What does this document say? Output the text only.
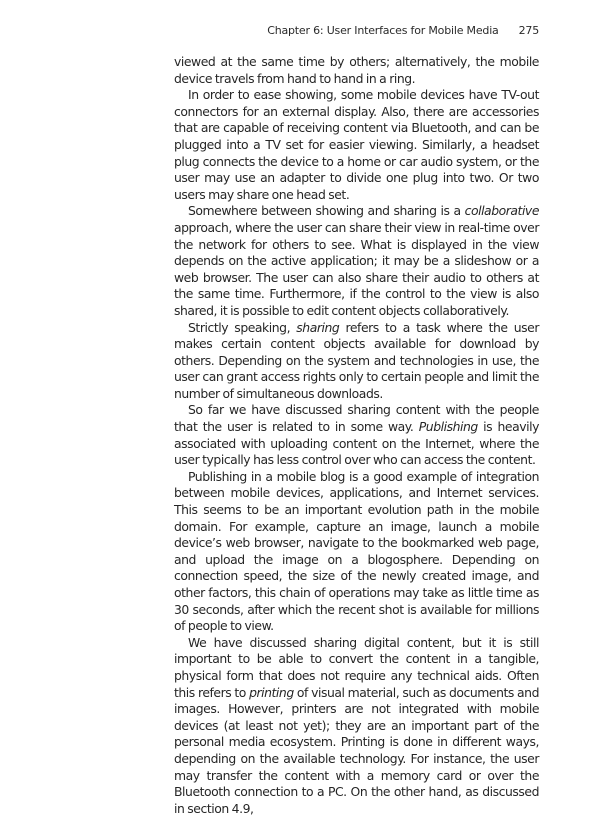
Chapter 6: User Interfaces for Mobile Media 275

viewed at the same time by others; alternatively, the mobile device travels from hand to hand in a ring.

In order to ease showing, some mobile devices have TV-out connectors for an external display. Also, there are accessories that are capable of receiving content via Bluetooth, and can be plugged into a TV set for easier viewing. Similarly, a headset plug connects the device to a home or car audio system, or the user may use an adapter to divide one plug into two. Or two users may share one head set.

Somewhere between showing and sharing is a collaborative approach, where the user can share their view in real-time over the network for others to see. What is displayed in the view depends on the active application; it may be a slideshow or a web browser. The user can also share their audio to others at the same time. Furthermore, if the control to the view is also shared, it is possible to edit content objects collaboratively.

Strictly speaking, sharing refers to a task where the user makes certain content objects available for download by others. Depending on the system and technologies in use, the user can grant access rights only to certain people and limit the number of simultaneous downloads.

So far we have discussed sharing content with the people that the user is related to in some way. Publishing is heavily associated with uploading content on the Internet, where the user typically has less control over who can access the content.

Publishing in a mobile blog is a good example of integration between mobile devices, applications, and Internet services. This seems to be an important evolution path in the mobile domain. For example, capture an image, launch a mobile device’s web browser, navigate to the bookmarked web page, and upload the image on a blogosphere. Depending on connection speed, the size of the newly created image, and other factors, this chain of operations may take as little time as 30 seconds, after which the recent shot is available for millions of people to view.

We have discussed sharing digital content, but it is still important to be able to convert the content in a tangible, physical form that does not require any technical aids. Often this refers to printing of visual material, such as documents and images. However, printers are not integrated with mobile devices (at least not yet); they are an important part of the personal media ecosystem. Printing is done in different ways, depending on the available technology. For instance, the user may transfer the content with a memory card or over the Bluetooth connection to a PC. On the other hand, as discussed in section 4.9,
